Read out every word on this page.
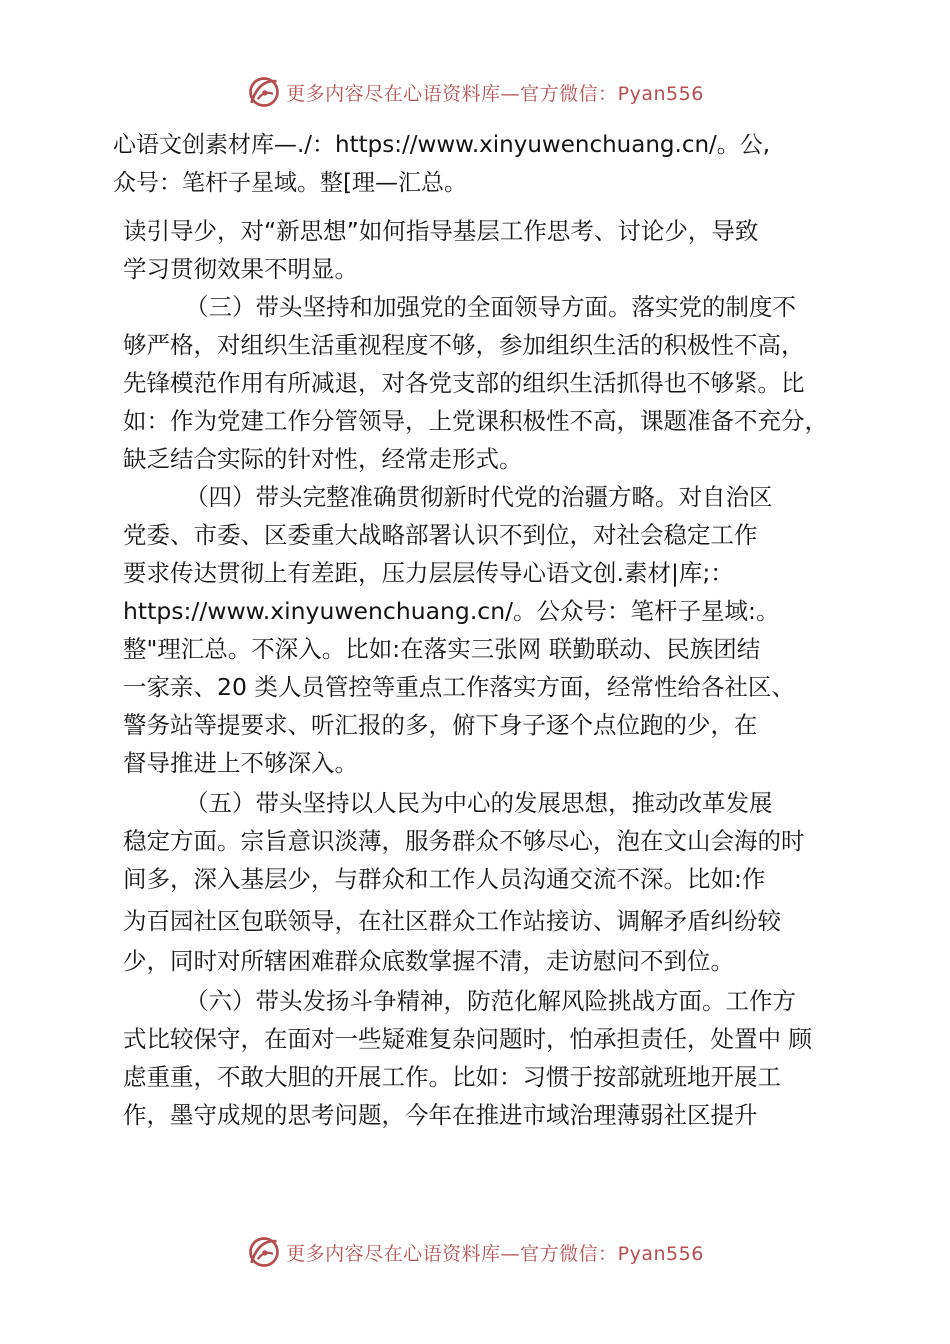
更多内容尽在心语资料库—官方微信：Pyan556
心语文创素材库—./：https://www.xinyuwenchuang.cn/。公,
众号：笔杆子星域。整[理—汇总。
读引导少，对“新思想”如何指导基层工作思考、讨论少，导致
学习贯彻效果不明显。
（三）带头坚持和加强党的全面领导方面。落实党的制度不
够严格，对组织生活重视程度不够，参加组织生活的积极性不高，
先锋模范作用有所减退，对各党支部的组织生活抓得也不够紧。比
如：作为党建工作分管领导，上党课积极性不高，课题准备不充分，
缺乏结合实际的针对性，经常走形式。
（四）带头完整准确贯彻新时代党的治疆方略。对自治区
党委、市委、区委重大战略部署认识不到位，对社会稳定工作
要求传达贯彻上有差距，压力层层传导心语文创.素材|库;：
https://www.xinyuwenchuang.cn/。公众号：笔杆子星域:。
整"理汇总。不深入。比如:在落实三张网 联勤联动、民族团结
一家亲、20 类人员管控等重点工作落实方面，经常性给各社区、
警务站等提要求、听汇报的多，俯下身子逐个点位跑的少，在
督导推进上不够深入。
（五）带头坚持以人民为中心的发展思想，推动改革发展
稳定方面。宗旨意识淡薄，服务群众不够尽心，泡在文山会海的时
间多，深入基层少，与群众和工作人员沟通交流不深。比如:作
为百园社区包联领导，在社区群众工作站接访、调解矛盾纠纷较
少，同时对所辖困难群众底数掌握不清，走访慰问不到位。
（六）带头发扬斗争精神，防范化解风险挑战方面。工作方
式比较保守，在面对一些疑难复杂问题时，怕承担责任，处置中 顾
虑重重，不敢大胆的开展工作。比如：习惯于按部就班地开展工
作，墨守成规的思考问题，今年在推进市域治理薄弱社区提升
更多内容尽在心语资料库—官方微信：Pyan556
